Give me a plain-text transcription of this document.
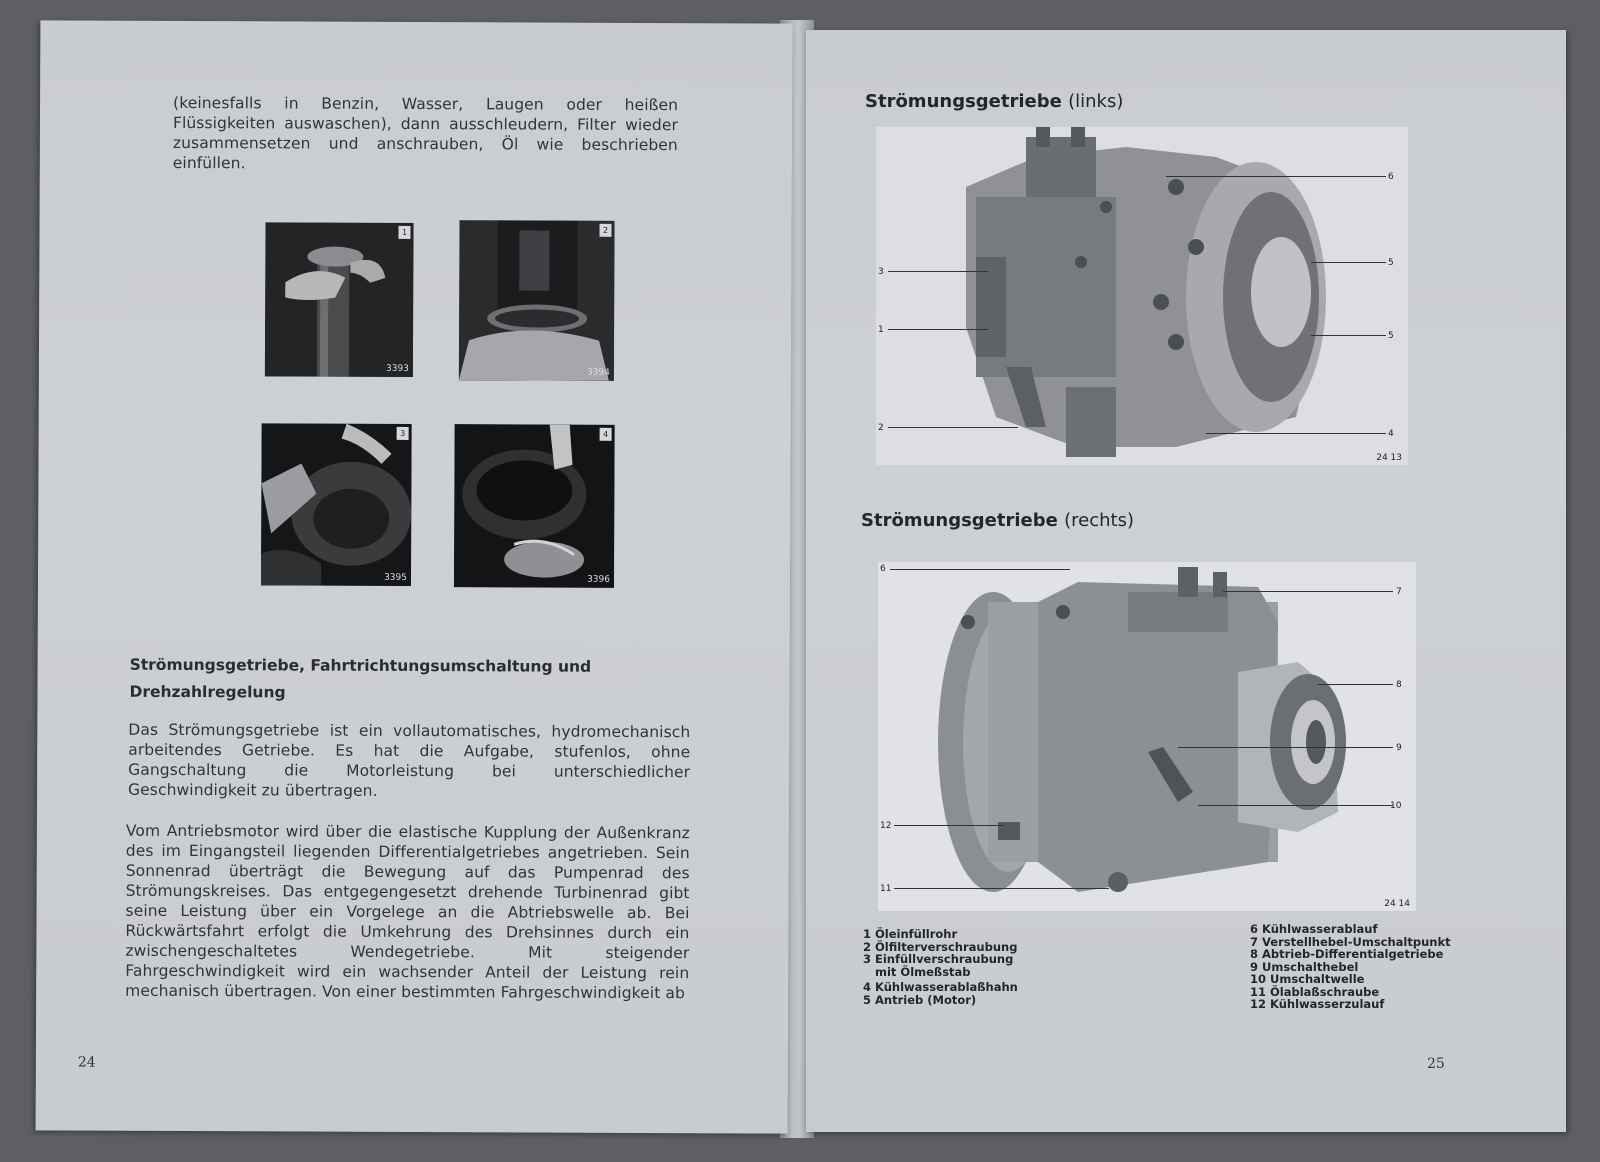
(keinesfalls in Benzin, Wasser, Laugen oder heißen Flüssigkeiten auswaschen), dann ausschleudern, Filter wieder zusammensetzen und anschrauben, Öl wie beschrieben einfüllen.

1
3393
2
3394
3
3395
4
3396
Strömungsgetriebe, Fahrtrichtungsumschaltung und Drehzahlregelung

Das Strömungsgetriebe ist ein vollautomatisches, hydromechanisch arbeitendes Getriebe. Es hat die Aufgabe, stufenlos, ohne Gangschaltung die Motorleistung bei unterschiedlicher Geschwindigkeit zu übertragen.

Vom Antriebsmotor wird über die elastische Kupplung der Außenkranz des im Eingangsteil liegenden Differentialgetriebes angetrieben. Sein Sonnenrad überträgt die Bewegung auf das Pumpenrad des Strömungskreises. Das entgegengesetzt drehende Turbinenrad gibt seine Leistung über ein Vorgelege an die Abtriebswelle ab. Bei Rückwärtsfahrt erfolgt die Umkehrung des Drehsinnes durch ein zwischengeschaltetes Wendegetriebe. Mit steigender Fahrgeschwindigkeit wird ein wachsender Anteil der Leistung rein mechanisch übertragen. Von einer bestimmten Fahrgeschwindigkeit ab

24
Strömungsgetriebe (links)
6
3
5
1
5
2
4
24 13
Strömungsgetriebe (rechts)
6
7
8
9
10
12
11
24 14
1 Öleinfüllrohr
2 Ölfilterverschraubung
3 Einfüllverschraubung
mit Ölmeßstab
4 Kühlwasserablaßhahn
5 Antrieb (Motor)
6 Kühlwasserablauf
7 Verstellhebel-Umschaltpunkt
8 Abtrieb-Differentialgetriebe
9 Umschalthebel
10 Umschaltwelle
11 Ölablaßschraube
12 Kühlwasserzulauf
25
